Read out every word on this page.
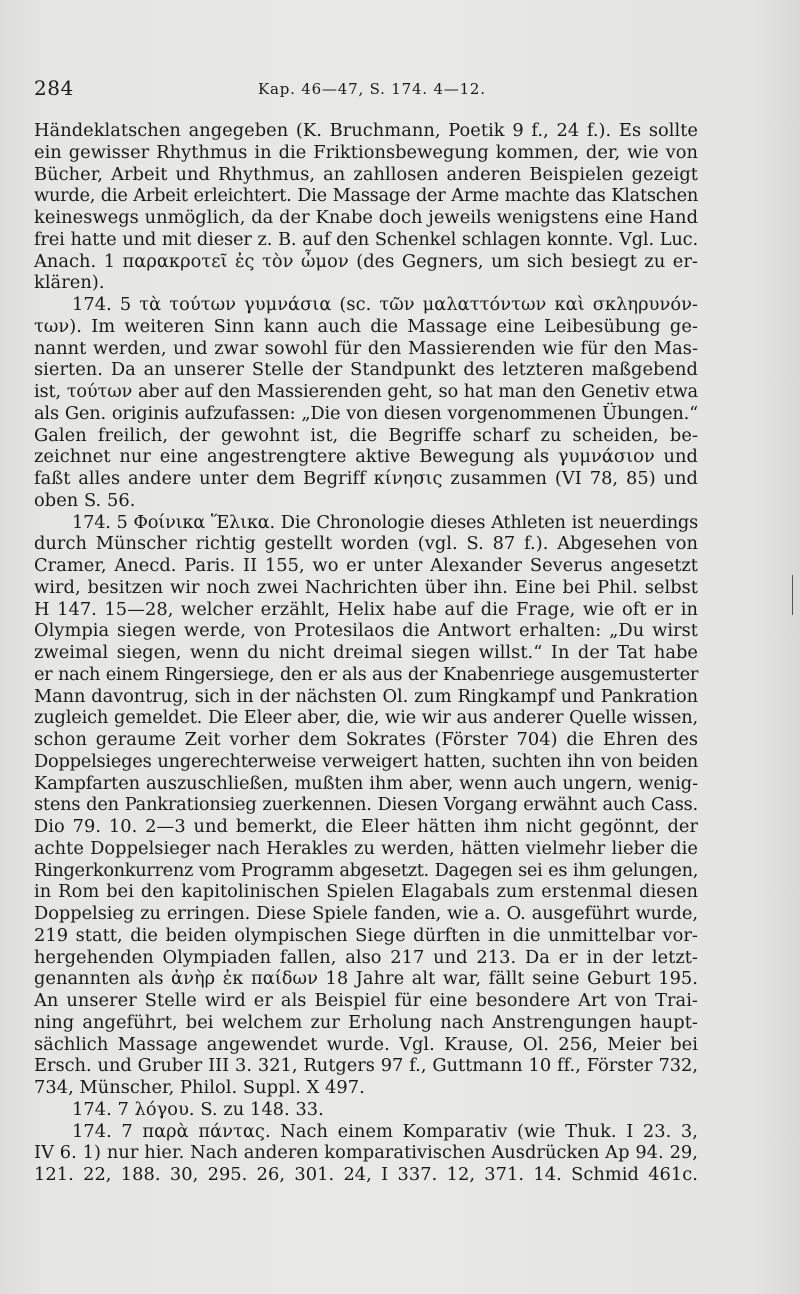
284	Kap. 46—47, S. 174. 4—12.
Händeklatschen angegeben (K. Bruchmann, Poetik 9 f., 24 f.). Es sollte
ein gewisser Rhythmus in die Friktionsbewegung kommen, der, wie von
Bücher, Arbeit und Rhythmus, an zahllosen anderen Beispielen gezeigt
wurde, die Arbeit erleichtert. Die Massage der Arme machte das Klatschen
keineswegs unmöglich, da der Knabe doch jeweils wenigstens eine Hand
frei hatte und mit dieser z. B. auf den Schenkel schlagen konnte. Vgl. Luc.
Anach. 1 παρακροτεῖ ἐς τὸν ὦμον (des Gegners, um sich besiegt zu er-
klären).
174. 5 τὰ τούτων γυμνάσια (sc. τῶν μαλαττόντων καὶ σκληρυνόν-
των). Im weiteren Sinn kann auch die Massage eine Leibesübung ge-
nannt werden, und zwar sowohl für den Massierenden wie für den Mas-
sierten. Da an unserer Stelle der Standpunkt des letzteren maßgebend
ist, τούτων aber auf den Massierenden geht, so hat man den Genetiv etwa
als Gen. originis aufzufassen: „Die von diesen vorgenommenen Übungen.“
Galen freilich, der gewohnt ist, die Begriffe scharf zu scheiden, be-
zeichnet nur eine angestrengtere aktive Bewegung als γυμνάσιον und
faßt alles andere unter dem Begriff κίνησις zusammen (VI 78, 85) und
oben S. 56.
174. 5 Φοίνικα Ἕλικα. Die Chronologie dieses Athleten ist neuerdings
durch Münscher richtig gestellt worden (vgl. S. 87 f.). Abgesehen von
Cramer, Anecd. Paris. II 155, wo er unter Alexander Severus angesetzt
wird, besitzen wir noch zwei Nachrichten über ihn. Eine bei Phil. selbst
H 147. 15—28, welcher erzählt, Helix habe auf die Frage, wie oft er in
Olympia siegen werde, von Protesilaos die Antwort erhalten: „Du wirst
zweimal siegen, wenn du nicht dreimal siegen willst.“ In der Tat habe
er nach einem Ringersiege, den er als aus der Knabenriege ausgemusterter
Mann davontrug, sich in der nächsten Ol. zum Ringkampf und Pankration
zugleich gemeldet. Die Eleer aber, die, wie wir aus anderer Quelle wissen,
schon geraume Zeit vorher dem Sokrates (Förster 704) die Ehren des
Doppelsieges ungerechterweise verweigert hatten, suchten ihn von beiden
Kampfarten auszuschließen, mußten ihm aber, wenn auch ungern, wenig-
stens den Pankrationsieg zuerkennen. Diesen Vorgang erwähnt auch Cass.
Dio 79. 10. 2—3 und bemerkt, die Eleer hätten ihm nicht gegönnt, der
achte Doppelsieger nach Herakles zu werden, hätten vielmehr lieber die
Ringerkonkurrenz vom Programm abgesetzt. Dagegen sei es ihm gelungen,
in Rom bei den kapitolinischen Spielen Elagabals zum erstenmal diesen
Doppelsieg zu erringen. Diese Spiele fanden, wie a. O. ausgeführt wurde,
219 statt, die beiden olympischen Siege dürften in die unmittelbar vor-
hergehenden Olympiaden fallen, also 217 und 213. Da er in der letzt-
genannten als ἀνὴρ ἐκ παίδων 18 Jahre alt war, fällt seine Geburt 195.
An unserer Stelle wird er als Beispiel für eine besondere Art von Trai-
ning angeführt, bei welchem zur Erholung nach Anstrengungen haupt-
sächlich Massage angewendet wurde. Vgl. Krause, Ol. 256, Meier bei
Ersch. und Gruber III 3. 321, Rutgers 97 f., Guttmann 10 ff., Förster 732,
734, Münscher, Philol. Suppl. X 497.
174. 7 λόγου. S. zu 148. 33.
174. 7 παρὰ πάντας. Nach einem Komparativ (wie Thuk. I 23. 3,
IV 6. 1) nur hier. Nach anderen komparativischen Ausdrücken Ap 94. 29,
121. 22, 188. 30, 295. 26, 301. 24, I 337. 12, 371. 14. Schmid 461c.
